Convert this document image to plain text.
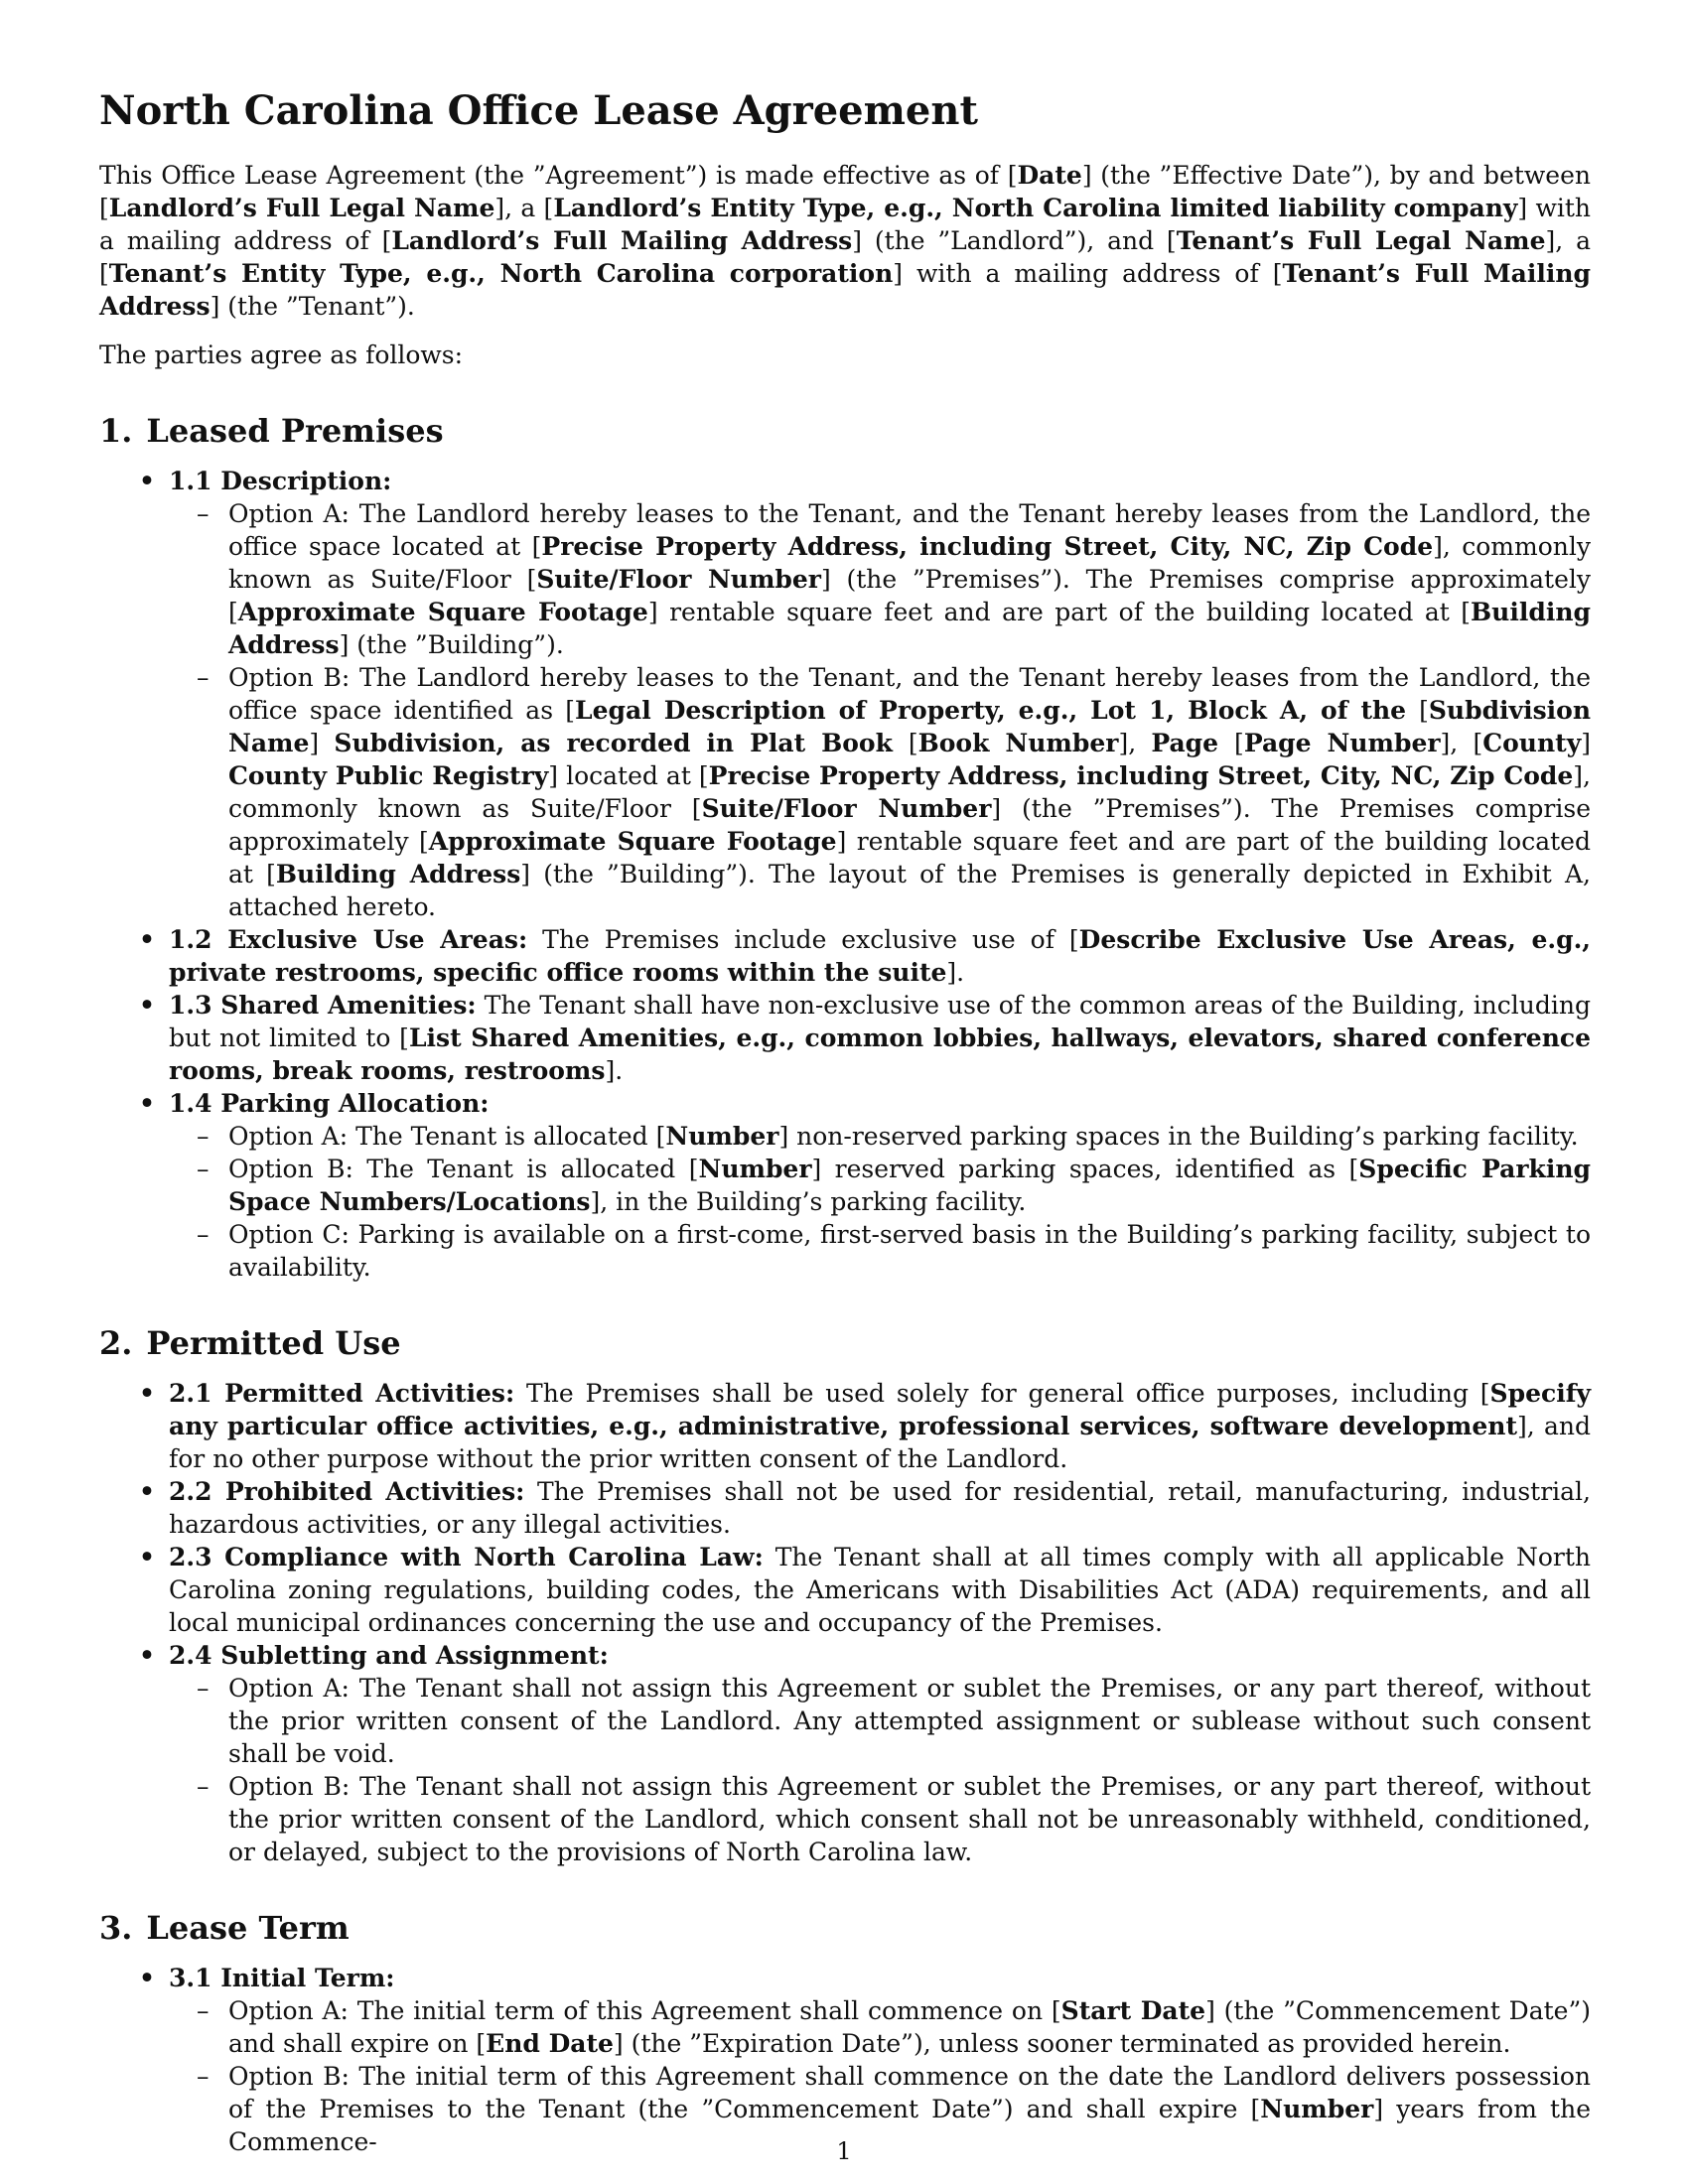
North Carolina Office Lease Agreement

This Office Lease Agreement (the ”Agreement”) is made effective as of [Date] (the ”Effective Date”), by and between [Landlord’s Full Legal Name], a [Landlord’s Entity Type, e.g., North Carolina limited liability company] with a mailing address of [Landlord’s Full Mailing Address] (the ”Landlord”), and [Tenant’s Full Legal Name], a [Tenant’s Entity Type, e.g., North Carolina corporation] with a mailing address of [Tenant’s Full Mailing Address] (the ”Tenant”).

The parties agree as follows:

1. Leased Premises
• 1.1 Description:
– Option A: The Landlord hereby leases to the Tenant, and the Tenant hereby leases from the Landlord, the office space located at [Precise Property Address, including Street, City, NC, Zip Code], commonly known as Suite/Floor [Suite/Floor Number] (the ”Premises”). The Premises comprise approximately [Approximate Square Footage] rentable square feet and are part of the building located at [Building Address] (the ”Building”).
– Option B: The Landlord hereby leases to the Tenant, and the Tenant hereby leases from the Landlord, the office space identified as [Legal Description of Property, e.g., Lot 1, Block A, of the [Subdivision Name] Subdivision, as recorded in Plat Book [Book Number], Page [Page Number], [County] County Public Registry] located at [Precise Property Address, including Street, City, NC, Zip Code], commonly known as Suite/Floor [Suite/Floor Number] (the ”Premises”). The Premises comprise approximately [Approximate Square Footage] rentable square feet and are part of the building located at [Building Address] (the ”Building”). The layout of the Premises is generally depicted in Exhibit A, attached hereto.
• 1.2 Exclusive Use Areas: The Premises include exclusive use of [Describe Exclusive Use Areas, e.g., private restrooms, specific office rooms within the suite].
• 1.3 Shared Amenities: The Tenant shall have non-exclusive use of the common areas of the Building, including but not limited to [List Shared Amenities, e.g., common lobbies, hallways, elevators, shared conference rooms, break rooms, restrooms].
• 1.4 Parking Allocation:
– Option A: The Tenant is allocated [Number] non-reserved parking spaces in the Building’s parking facility.
– Option B: The Tenant is allocated [Number] reserved parking spaces, identified as [Specific Parking Space Numbers/Locations], in the Building’s parking facility.
– Option C: Parking is available on a first-come, first-served basis in the Building’s parking facility, subject to availability.
2. Permitted Use
• 2.1 Permitted Activities: The Premises shall be used solely for general office purposes, including [Specify any particular office activities, e.g., administrative, professional services, software development], and for no other purpose without the prior written consent of the Landlord.
• 2.2 Prohibited Activities: The Premises shall not be used for residential, retail, manufacturing, industrial, hazardous activities, or any illegal activities.
• 2.3 Compliance with North Carolina Law: The Tenant shall at all times comply with all applicable North Carolina zoning regulations, building codes, the Americans with Disabilities Act (ADA) requirements, and all local municipal ordinances concerning the use and occupancy of the Premises.
• 2.4 Subletting and Assignment:
– Option A: The Tenant shall not assign this Agreement or sublet the Premises, or any part thereof, without the prior written consent of the Landlord. Any attempted assignment or sublease without such consent shall be void.
– Option B: The Tenant shall not assign this Agreement or sublet the Premises, or any part thereof, without the prior written consent of the Landlord, which consent shall not be unreasonably withheld, conditioned, or delayed, subject to the provisions of North Carolina law.
3. Lease Term
• 3.1 Initial Term:
– Option A: The initial term of this Agreement shall commence on [Start Date] (the ”Commencement Date”) and shall expire on [End Date] (the ”Expiration Date”), unless sooner terminated as provided herein.
– Option B: The initial term of this Agreement shall commence on the date the Landlord delivers possession of the Premises to the Tenant (the ”Commencement Date”) and shall expire [Number] years from the Commence-	1
